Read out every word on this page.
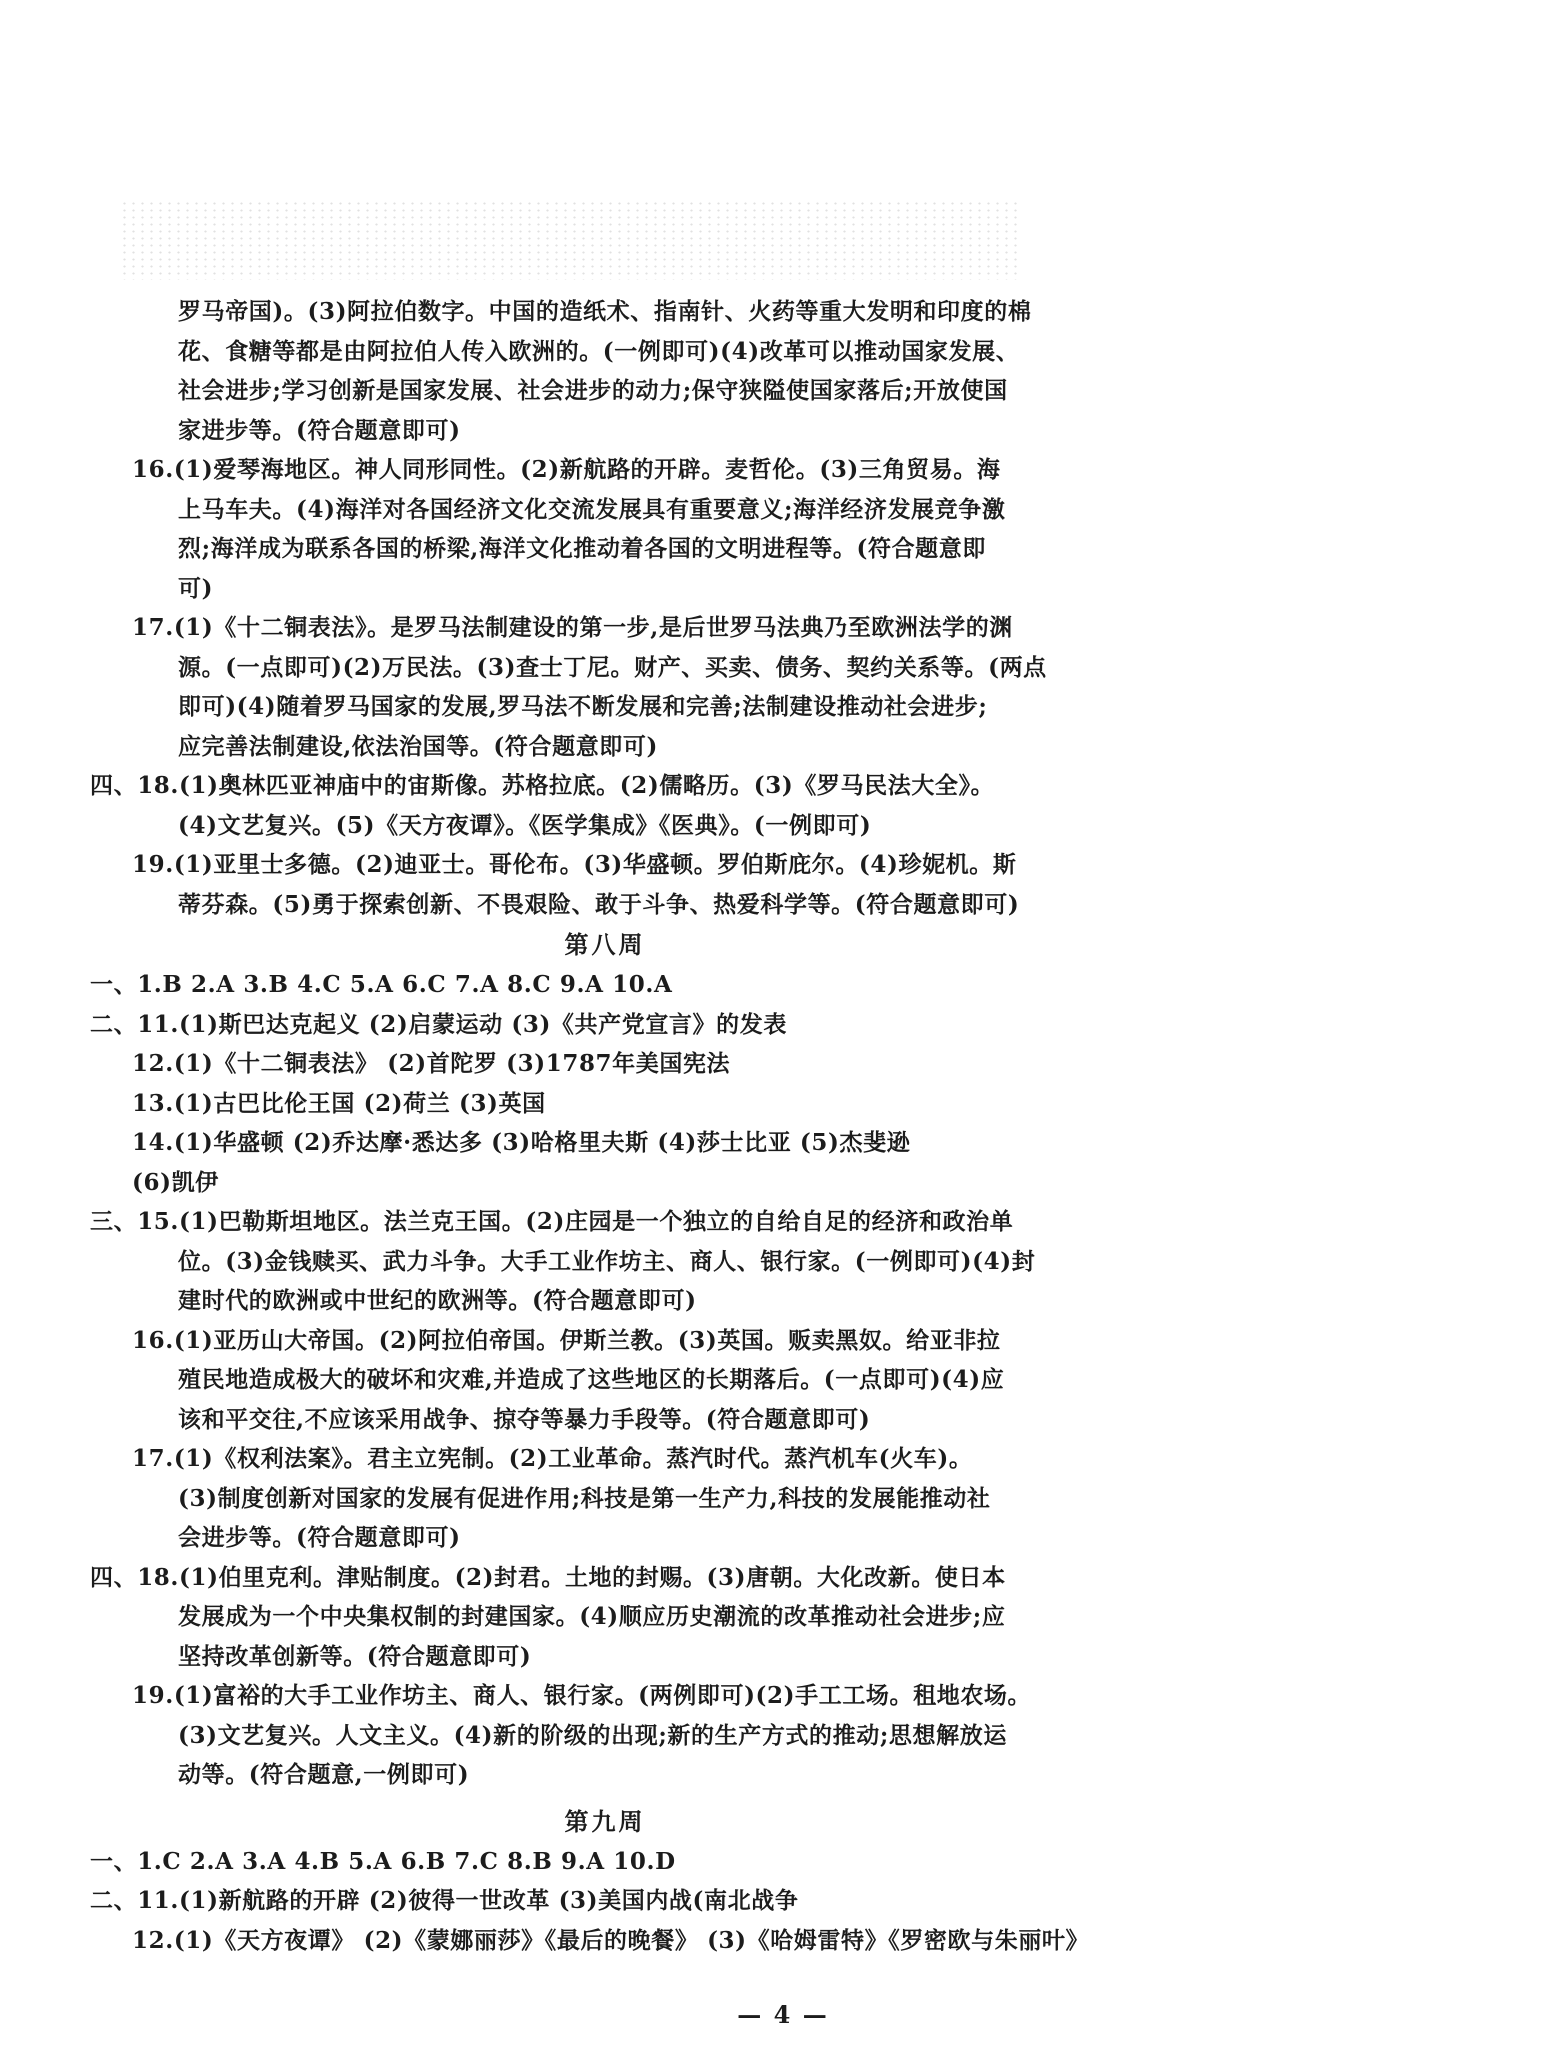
罗马帝国)。(3)阿拉伯数字。中国的造纸术、指南针、火药等重大发明和印度的棉
花、食糖等都是由阿拉伯人传入欧洲的。(一例即可)(4)改革可以推动国家发展、
社会进步;学习创新是国家发展、社会进步的动力;保守狭隘使国家落后;开放使国
家进步等。(符合题意即可)
16.(1)爱琴海地区。神人同形同性。(2)新航路的开辟。麦哲伦。(3)三角贸易。海
上马车夫。(4)海洋对各国经济文化交流发展具有重要意义;海洋经济发展竞争激
烈;海洋成为联系各国的桥梁,海洋文化推动着各国的文明进程等。(符合题意即
可)
17.(1)《十二铜表法》。是罗马法制建设的第一步,是后世罗马法典乃至欧洲法学的渊
源。(一点即可)(2)万民法。(3)查士丁尼。财产、买卖、债务、契约关系等。(两点
即可)(4)随着罗马国家的发展,罗马法不断发展和完善;法制建设推动社会进步;
应完善法制建设,依法治国等。(符合题意即可)
四、18.(1)奥林匹亚神庙中的宙斯像。苏格拉底。(2)儒略历。(3)《罗马民法大全》。
(4)文艺复兴。(5)《天方夜谭》。《医学集成》《医典》。(一例即可)
19.(1)亚里士多德。(2)迪亚士。哥伦布。(3)华盛顿。罗伯斯庇尔。(4)珍妮机。斯
蒂芬森。(5)勇于探索创新、不畏艰险、敢于斗争、热爱科学等。(符合题意即可)
第八周
一、1.B 2.A 3.B 4.C 5.A 6.C 7.A 8.C 9.A 10.A
二、11.(1)斯巴达克起义 (2)启蒙运动 (3)《共产党宣言》的发表
12.(1)《十二铜表法》 (2)首陀罗 (3)1787年美国宪法
13.(1)古巴比伦王国 (2)荷兰 (3)英国
14.(1)华盛顿 (2)乔达摩·悉达多 (3)哈格里夫斯 (4)莎士比亚 (5)杰斐逊
(6)凯伊
三、15.(1)巴勒斯坦地区。法兰克王国。(2)庄园是一个独立的自给自足的经济和政治单
位。(3)金钱赎买、武力斗争。大手工业作坊主、商人、银行家。(一例即可)(4)封
建时代的欧洲或中世纪的欧洲等。(符合题意即可)
16.(1)亚历山大帝国。(2)阿拉伯帝国。伊斯兰教。(3)英国。贩卖黑奴。给亚非拉
殖民地造成极大的破坏和灾难,并造成了这些地区的长期落后。(一点即可)(4)应
该和平交往,不应该采用战争、掠夺等暴力手段等。(符合题意即可)
17.(1)《权利法案》。君主立宪制。(2)工业革命。蒸汽时代。蒸汽机车(火车)。
(3)制度创新对国家的发展有促进作用;科技是第一生产力,科技的发展能推动社
会进步等。(符合题意即可)
四、18.(1)伯里克利。津贴制度。(2)封君。土地的封赐。(3)唐朝。大化改新。使日本
发展成为一个中央集权制的封建国家。(4)顺应历史潮流的改革推动社会进步;应
坚持改革创新等。(符合题意即可)
19.(1)富裕的大手工业作坊主、商人、银行家。(两例即可)(2)手工工场。租地农场。
(3)文艺复兴。人文主义。(4)新的阶级的出现;新的生产方式的推动;思想解放运
动等。(符合题意,一例即可)
第九周
一、1.C 2.A 3.A 4.B 5.A 6.B 7.C 8.B 9.A 10.D
二、11.(1)新航路的开辟 (2)彼得一世改革 (3)美国内战(南北战争
12.(1)《天方夜谭》 (2)《蒙娜丽莎》《最后的晚餐》 (3)《哈姆雷特》《罗密欧与朱丽叶》
— 4 —
